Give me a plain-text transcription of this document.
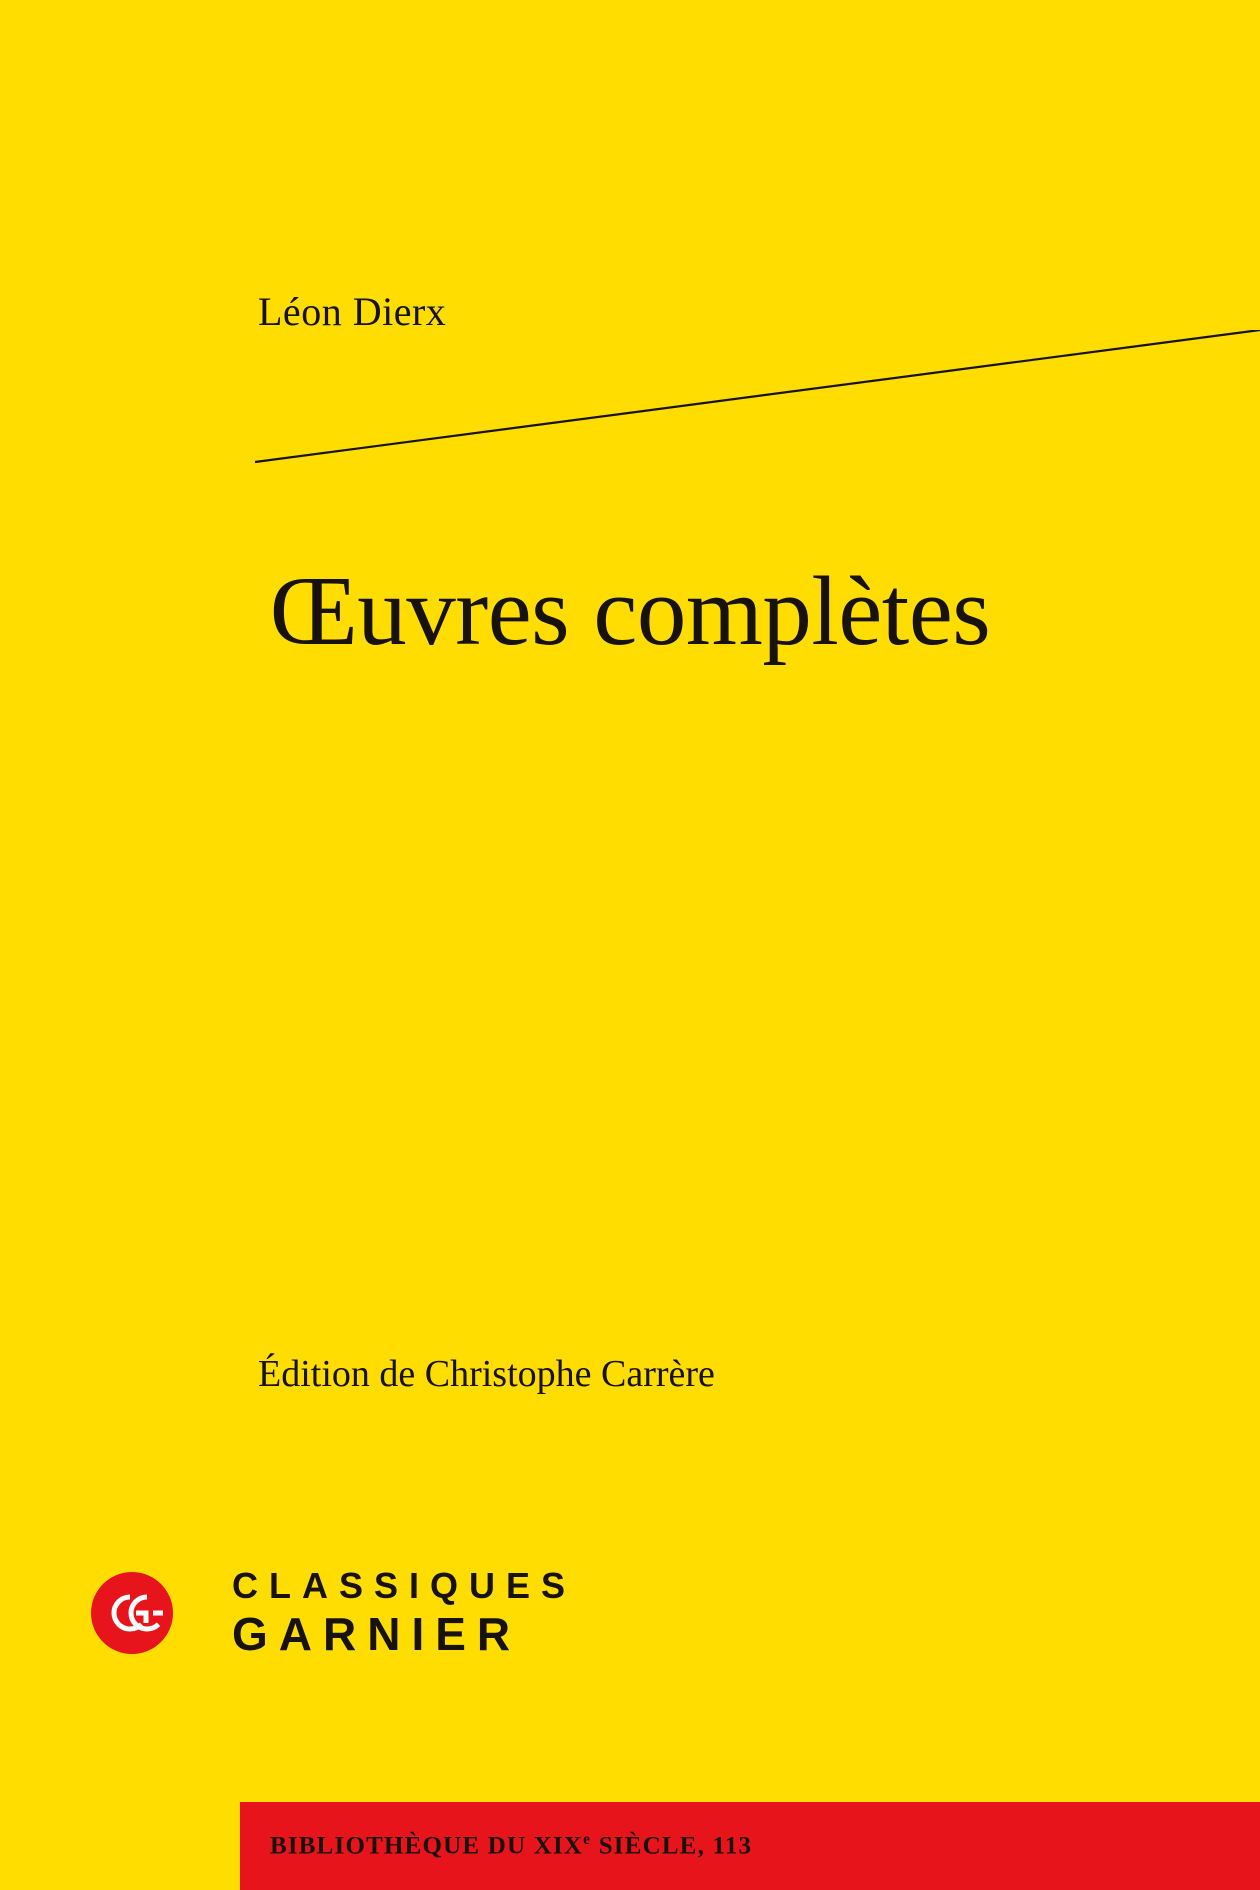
Léon Dierx
Œuvres complètes
Édition de Christophe Carrère
CLASSIQUES
GARNIER
BIBLIOTHÈQUE DU XIXe SIÈCLE, 113
